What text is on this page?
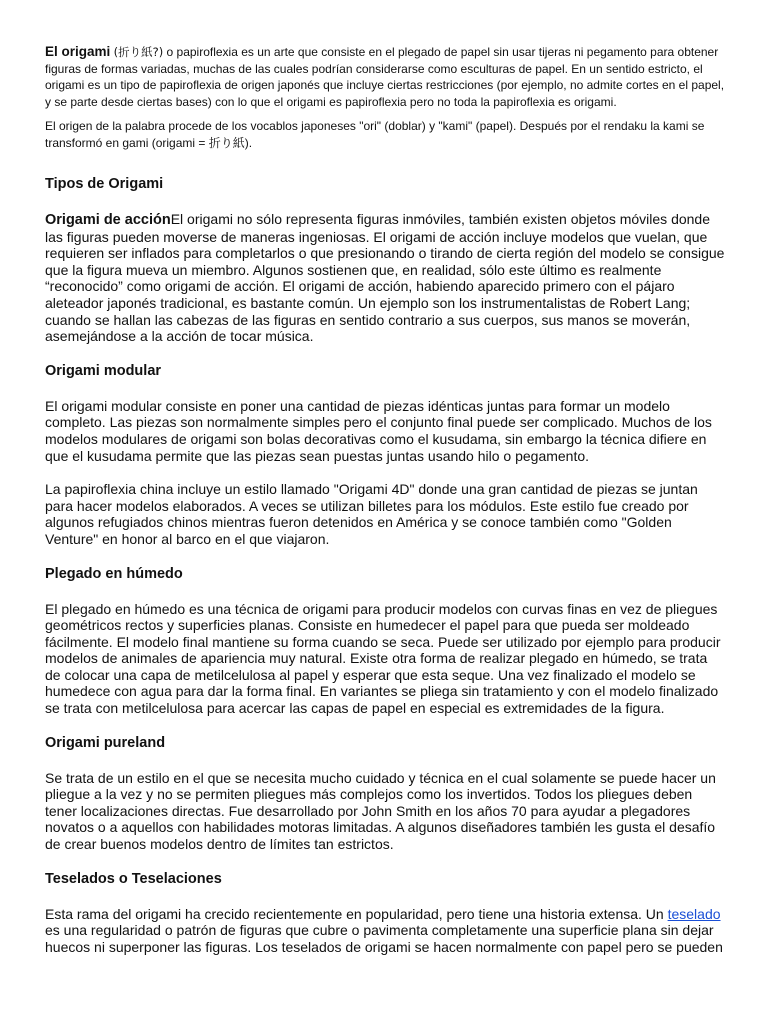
El origami (折り紙?) o papiroflexia es un arte que consiste en el plegado de papel sin usar tijeras ni pegamento para obtener figuras de formas variadas, muchas de las cuales podrían considerarse como esculturas de papel. En un sentido estricto, el origami es un tipo de papiroflexia de origen japonés que incluye ciertas restricciones (por ejemplo, no admite cortes en el papel, y se parte desde ciertas bases) con lo que el origami es papiroflexia pero no toda la papiroflexia es origami.

El origen de la palabra procede de los vocablos japoneses "ori" (doblar) y "kami" (papel). Después por el rendaku la kami se transformó en gami (origami = 折り紙).

Tipos de Origami

Origami de acciónEl origami no sólo representa figuras inmóviles, también existen objetos móviles donde las figuras pueden moverse de maneras ingeniosas. El origami de acción incluye modelos que vuelan, que requieren ser inflados para completarlos o que presionando o tirando de cierta región del modelo se consigue que la figura mueva un miembro. Algunos sostienen que, en realidad, sólo este último es realmente “reconocido” como origami de acción. El origami de acción, habiendo aparecido primero con el pájaro aleteador japonés tradicional, es bastante común. Un ejemplo son los instrumentalistas de Robert Lang; cuando se hallan las cabezas de las figuras en sentido contrario a sus cuerpos, sus manos se moverán, asemejándose a la acción de tocar música.

Origami modular

El origami modular consiste en poner una cantidad de piezas idénticas juntas para formar un modelo completo. Las piezas son normalmente simples pero el conjunto final puede ser complicado. Muchos de los modelos modulares de origami son bolas decorativas como el kusudama, sin embargo la técnica difiere en que el kusudama permite que las piezas sean puestas juntas usando hilo o pegamento.

La papiroflexia china incluye un estilo llamado "Origami 4D" donde una gran cantidad de piezas se juntan para hacer modelos elaborados. A veces se utilizan billetes para los módulos. Este estilo fue creado por algunos refugiados chinos mientras fueron detenidos en América y se conoce también como "Golden Venture" en honor al barco en el que viajaron.

Plegado en húmedo

El plegado en húmedo es una técnica de origami para producir modelos con curvas finas en vez de pliegues geométricos rectos y superficies planas. Consiste en humedecer el papel para que pueda ser moldeado fácilmente. El modelo final mantiene su forma cuando se seca. Puede ser utilizado por ejemplo para producir modelos de animales de apariencia muy natural. Existe otra forma de realizar plegado en húmedo, se trata de colocar una capa de metilcelulosa al papel y esperar que esta seque. Una vez finalizado el modelo se humedece con agua para dar la forma final. En variantes se pliega sin tratamiento y con el modelo finalizado se trata con metilcelulosa para acercar las capas de papel en especial es extremidades de la figura.

Origami pureland

Se trata de un estilo en el que se necesita mucho cuidado y técnica en el cual solamente se puede hacer un pliegue a la vez y no se permiten pliegues más complejos como los invertidos. Todos los pliegues deben tener localizaciones directas. Fue desarrollado por John Smith en los años 70 para ayudar a plegadores novatos o a aquellos con habilidades motoras limitadas. A algunos diseñadores también les gusta el desafío de crear buenos modelos dentro de límites tan estrictos.

Teselados o Teselaciones

Esta rama del origami ha crecido recientemente en popularidad, pero tiene una historia extensa. Un teselado es una regularidad o patrón de figuras que cubre o pavimenta completamente una superficie plana sin dejar huecos ni superponer las figuras. Los teselados de origami se hacen normalmente con papel pero se pueden
